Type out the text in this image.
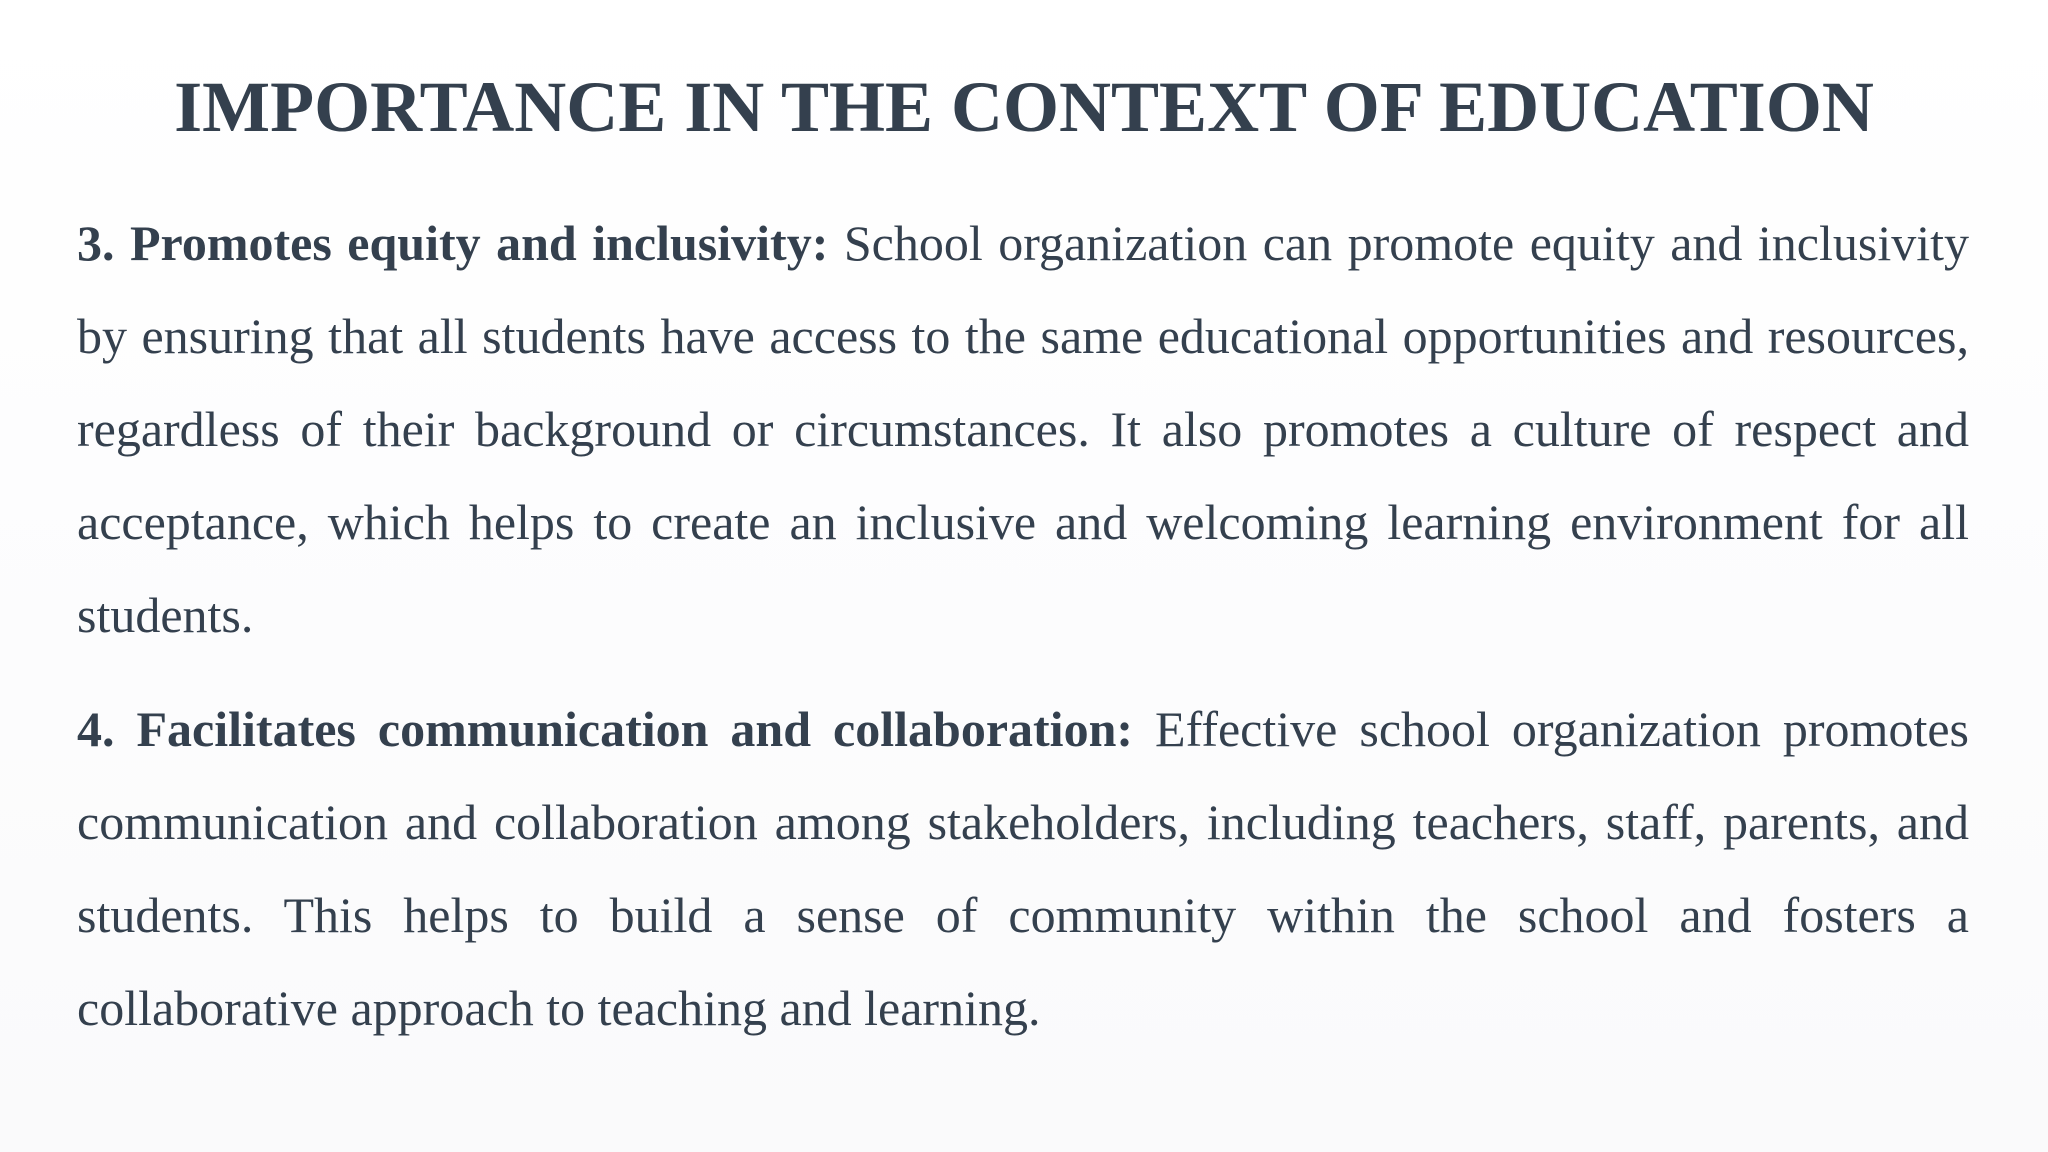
IMPORTANCE IN THE CONTEXT OF EDUCATION

3. Promotes equity and inclusivity: School organization can promote equity and inclusivity by ensuring that all students have access to the same educational opportunities and resources, regardless of their background or circumstances. It also promotes a culture of respect and acceptance, which helps to create an inclusive and welcoming learning environment for all students.

4. Facilitates communication and collaboration: Effective school organization promotes communication and collaboration among stakeholders, including teachers, staff, parents, and students. This helps to build a sense of community within the school and fosters a collaborative approach to teaching and learning.
